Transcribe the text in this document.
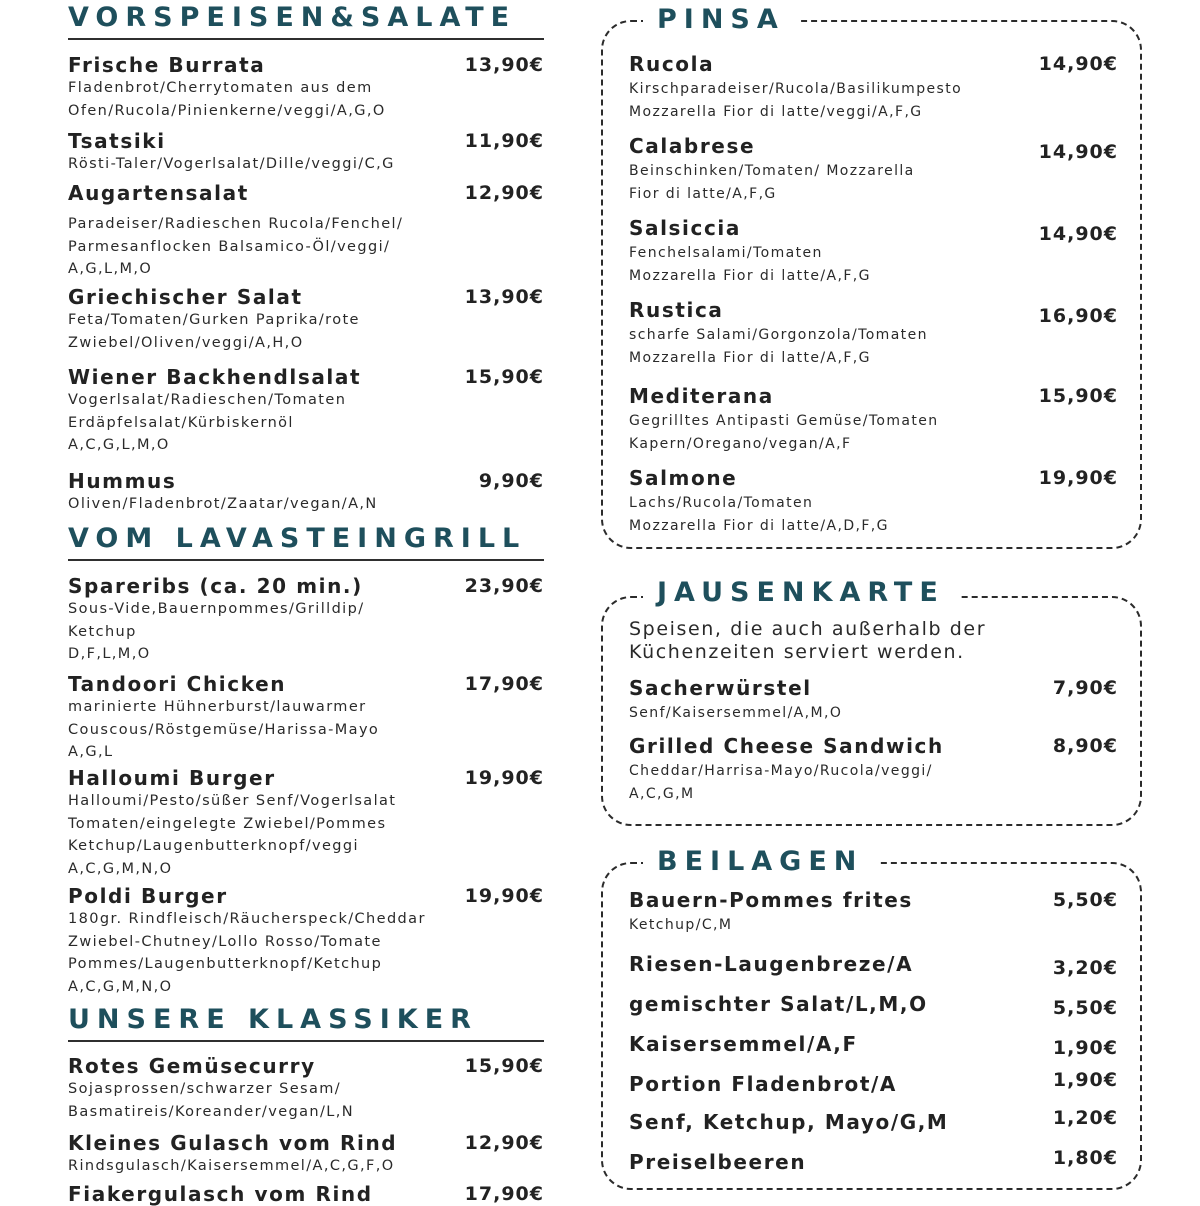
VORSPEISEN&SALATE
Frische Burrata	13,90€
Fladenbrot/Cherrytomaten aus dem
Ofen/Rucola/Pinienkerne/veggi/A,G,O
Tsatsiki	11,90€
Rösti-Taler/Vogerlsalat/Dille/veggi/C,G
Augartensalat	12,90€
Paradeiser/Radieschen Rucola/Fenchel/
Parmesanflocken Balsamico-Öl/veggi/
A,G,L,M,O
Griechischer Salat	13,90€
Feta/Tomaten/Gurken Paprika/rote
Zwiebel/Oliven/veggi/A,H,O
Wiener Backhendlsalat	15,90€
Vogerlsalat/Radieschen/Tomaten
Erdäpfelsalat/Kürbiskernöl
A,C,G,L,M,O
Hummus	9,90€
Oliven/Fladenbrot/Zaatar/vegan/A,N
VOM LAVASTEINGRILL
Spareribs (ca. 20 min.)	23,90€
Sous-Vide,Bauernpommes/Grilldip/
Ketchup
D,F,L,M,O
Tandoori Chicken	17,90€
marinierte Hühnerburst/lauwarmer
Couscous/Röstgemüse/Harissa-Mayo
A,G,L
Halloumi Burger	19,90€
Halloumi/Pesto/süßer Senf/Vogerlsalat
Tomaten/eingelegte Zwiebel/Pommes
Ketchup/Laugenbutterknopf/veggi
A,C,G,M,N,O
Poldi Burger	19,90€
180gr. Rindfleisch/Räucherspeck/Cheddar
Zwiebel-Chutney/Lollo Rosso/Tomate
Pommes/Laugenbutterknopf/Ketchup
A,C,G,M,N,O
UNSERE KLASSIKER
Rotes Gemüsecurry	15,90€
Sojasprossen/schwarzer Sesam/
Basmatireis/Koreander/vegan/L,N
Kleines Gulasch vom Rind	12,90€
Rindsgulasch/Kaisersemmel/A,C,G,F,O
Fiakergulasch vom Rind	17,90€
Rucola	14,90€
Kirschparadeiser/Rucola/Basilikumpesto
Mozzarella Fior di latte/veggi/A,F,G
Calabrese	14,90€
Beinschinken/Tomaten/ Mozzarella
Fior di latte/A,F,G
Salsiccia	14,90€
Fenchelsalami/Tomaten
Mozzarella Fior di latte/A,F,G
Rustica	16,90€
scharfe Salami/Gorgonzola/Tomaten
Mozzarella Fior di latte/A,F,G
Mediterana	15,90€
Gegrilltes Antipasti Gemüse/Tomaten
Kapern/Oregano/vegan/A,F
Salmone	19,90€
Lachs/Rucola/Tomaten
Mozzarella Fior di latte/A,D,F,G
PINSA
Speisen, die auch außerhalb der
Küchenzeiten serviert werden.
Sacherwürstel	7,90€
Senf/Kaisersemmel/A,M,O
Grilled Cheese Sandwich	8,90€
Cheddar/Harrisa-Mayo/Rucola/veggi/
A,C,G,M
JAUSENKARTE
Bauern-Pommes frites	5,50€
Ketchup/C,M
Riesen-Laugenbreze/A	3,20€
gemischter Salat/L,M,O	5,50€
Kaisersemmel/A,F	1,90€
Portion Fladenbrot/A	1,90€
Senf, Ketchup, Mayo/G,M	1,20€
Preiselbeeren	1,80€
BEILAGEN
